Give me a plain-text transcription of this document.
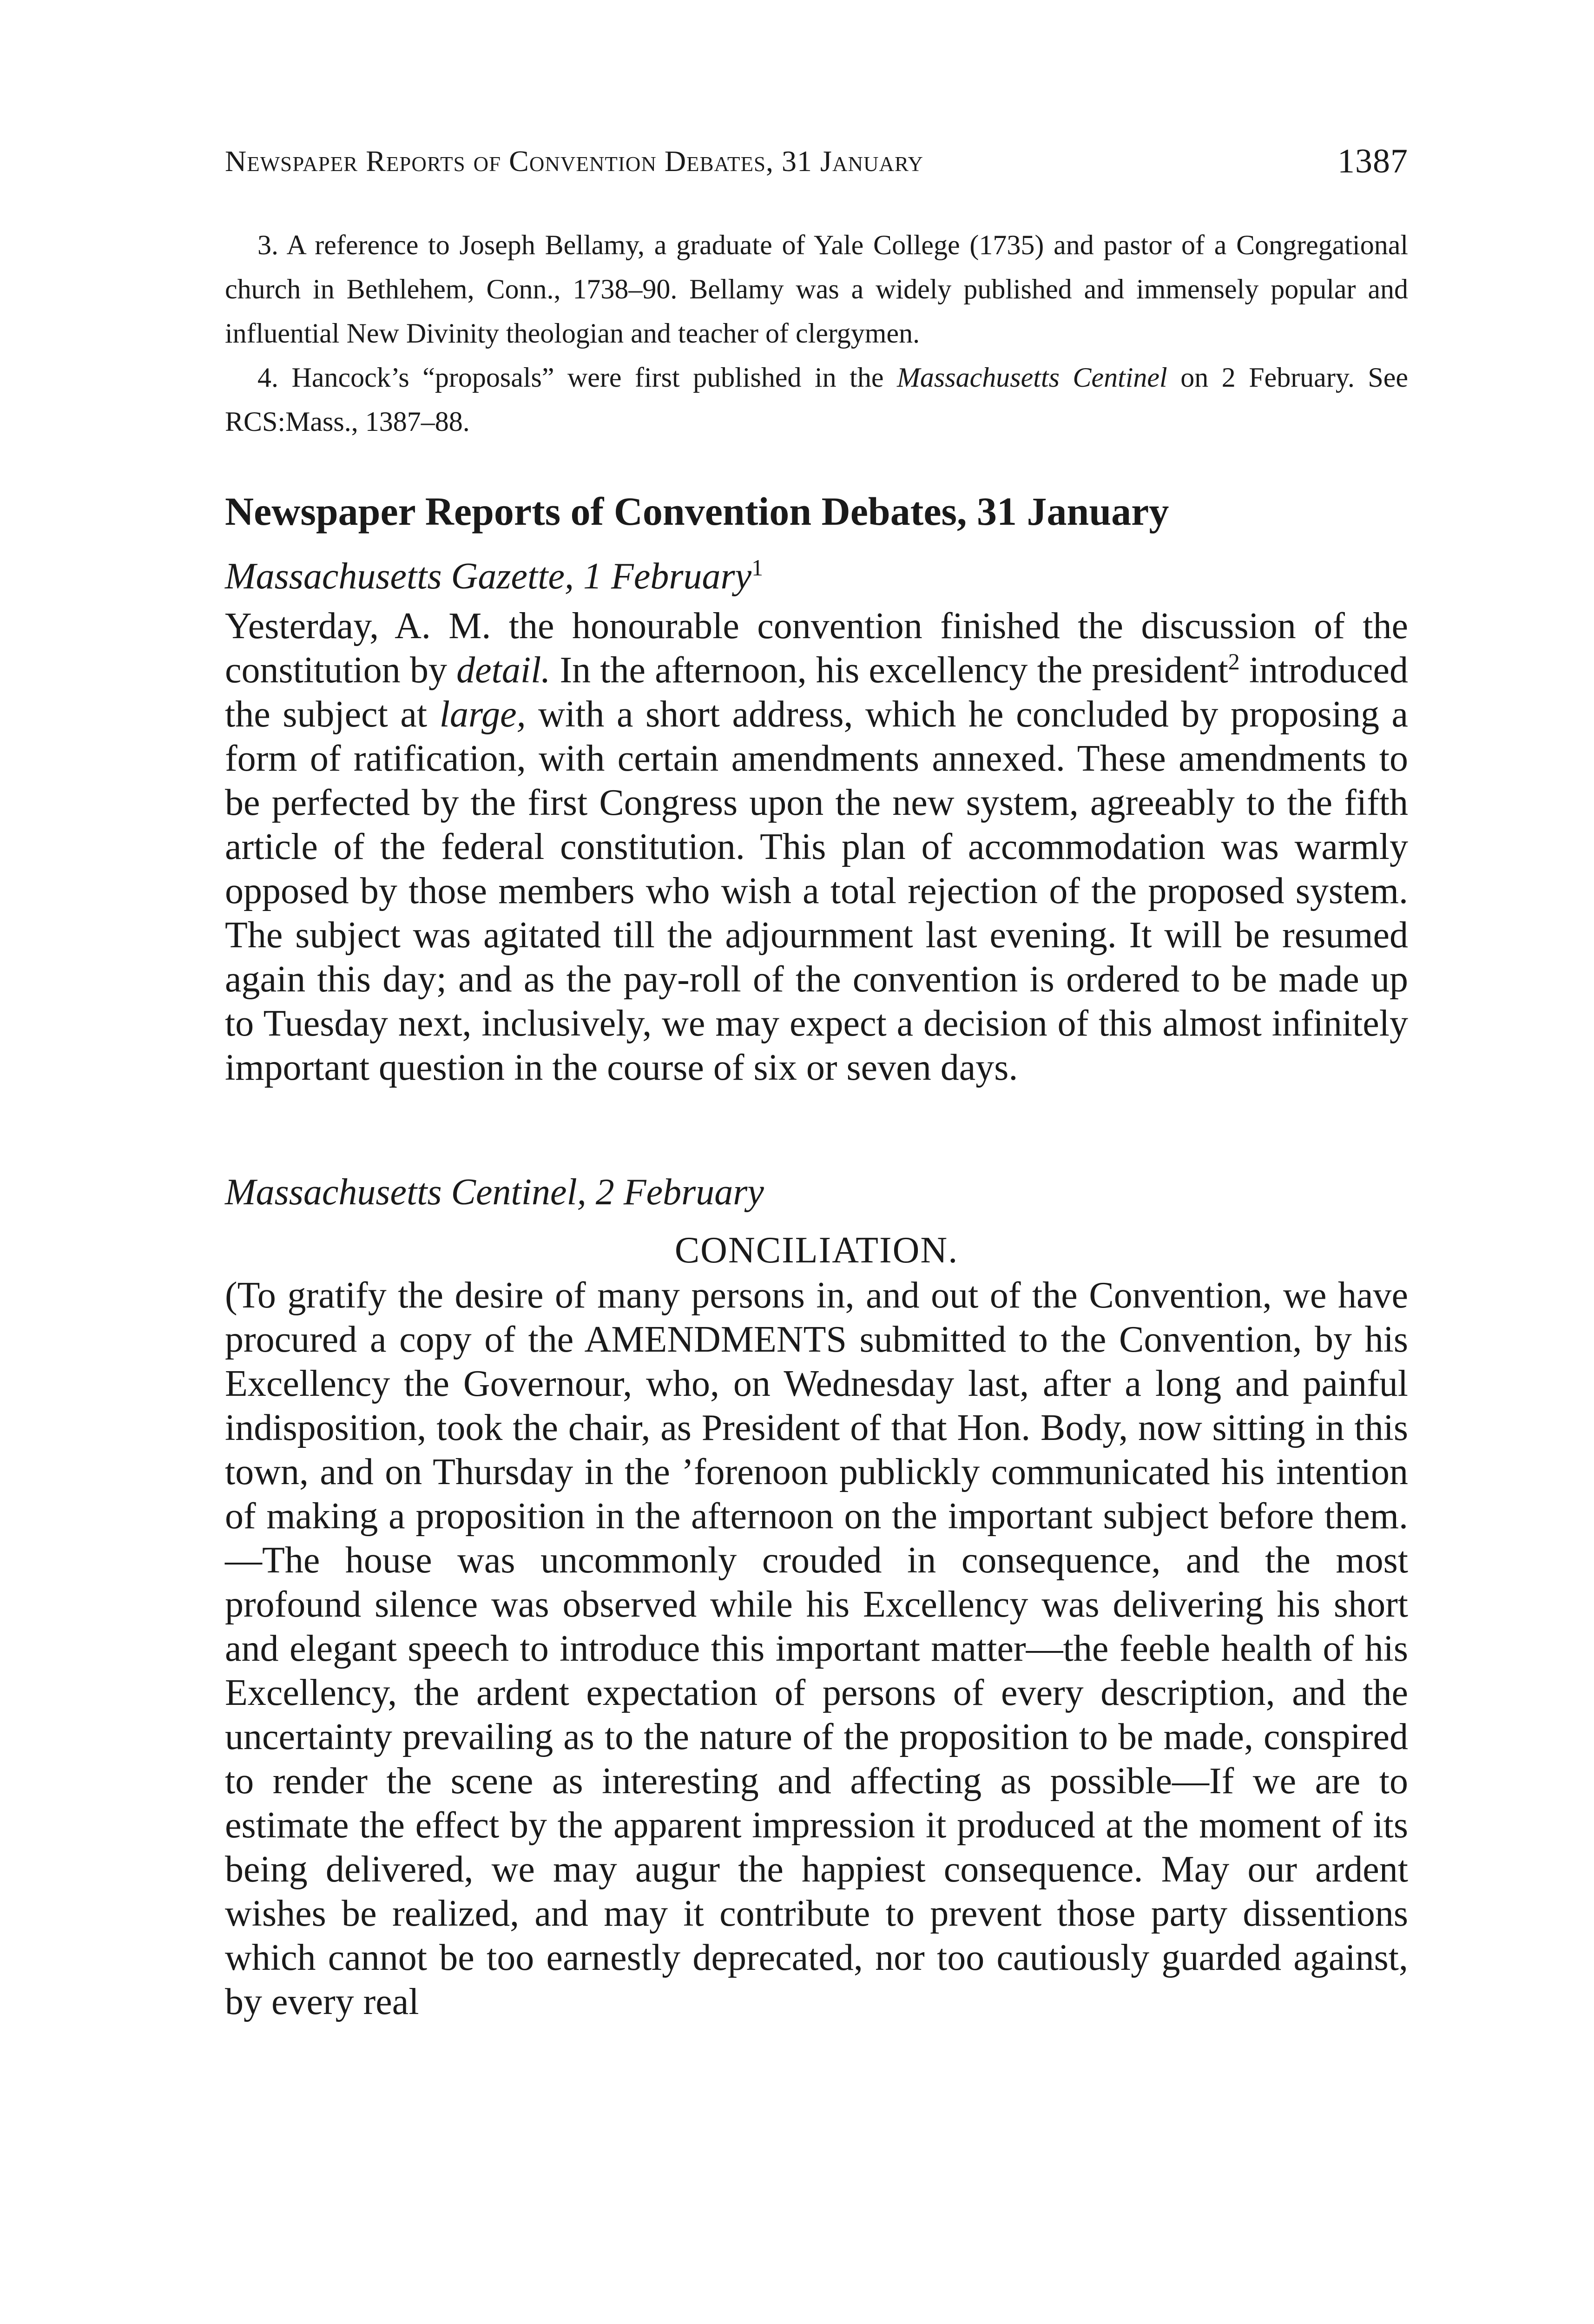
Newspaper Reports of Convention Debates, 31 January	1387

3. A reference to Joseph Bellamy, a graduate of Yale College (1735) and pastor of a Congregational church in Bethlehem, Conn., 1738–90. Bellamy was a widely published and immensely popular and influential New Divinity theologian and teacher of clergymen.

4. Hancock’s “proposals” were first published in the Massachusetts Centinel on 2 February. See RCS:Mass., 1387–88.

Newspaper Reports of Convention Debates, 31 January

Massachusetts Gazette, 1 February$^1$

Yesterday, A. M. the honourable convention finished the discussion of the constitution by detail. In the afternoon, his excellency the president$^2$ introduced the subject at large, with a short address, which he concluded by proposing a form of ratification, with certain amendments annexed. These amendments to be perfected by the first Congress upon the new system, agreeably to the fifth article of the federal constitution. This plan of accommodation was warmly opposed by those members who wish a total rejection of the proposed system. The subject was agitated till the adjournment last evening. It will be resumed again this day; and as the pay-roll of the convention is ordered to be made up to Tuesday next, inclusively, we may expect a decision of this almost infinitely important question in the course of six or seven days.

Massachusetts Centinel, 2 February

CONCILIATION.

(To gratify the desire of many persons in, and out of the Convention, we have procured a copy of the AMENDMENTS submitted to the Convention, by his Excellency the Governour, who, on Wednesday last, after a long and painful indisposition, took the chair, as President of that Hon. Body, now sitting in this town, and on Thursday in the ’forenoon publickly communicated his intention of making a proposition in the afternoon on the important subject before them.—The house was uncommonly crouded in consequence, and the most profound silence was observed while his Excellency was delivering his short and elegant speech to introduce this important matter—the feeble health of his Excellency, the ardent expectation of persons of every description, and the uncertainty prevailing as to the nature of the proposition to be made, conspired to render the scene as interesting and affecting as possible—If we are to estimate the effect by the apparent impression it produced at the moment of its being delivered, we may augur the happiest consequence. May our ardent wishes be realized, and may it contribute to prevent those party dissentions which cannot be too earnestly deprecated, nor too cautiously guarded against, by every real
